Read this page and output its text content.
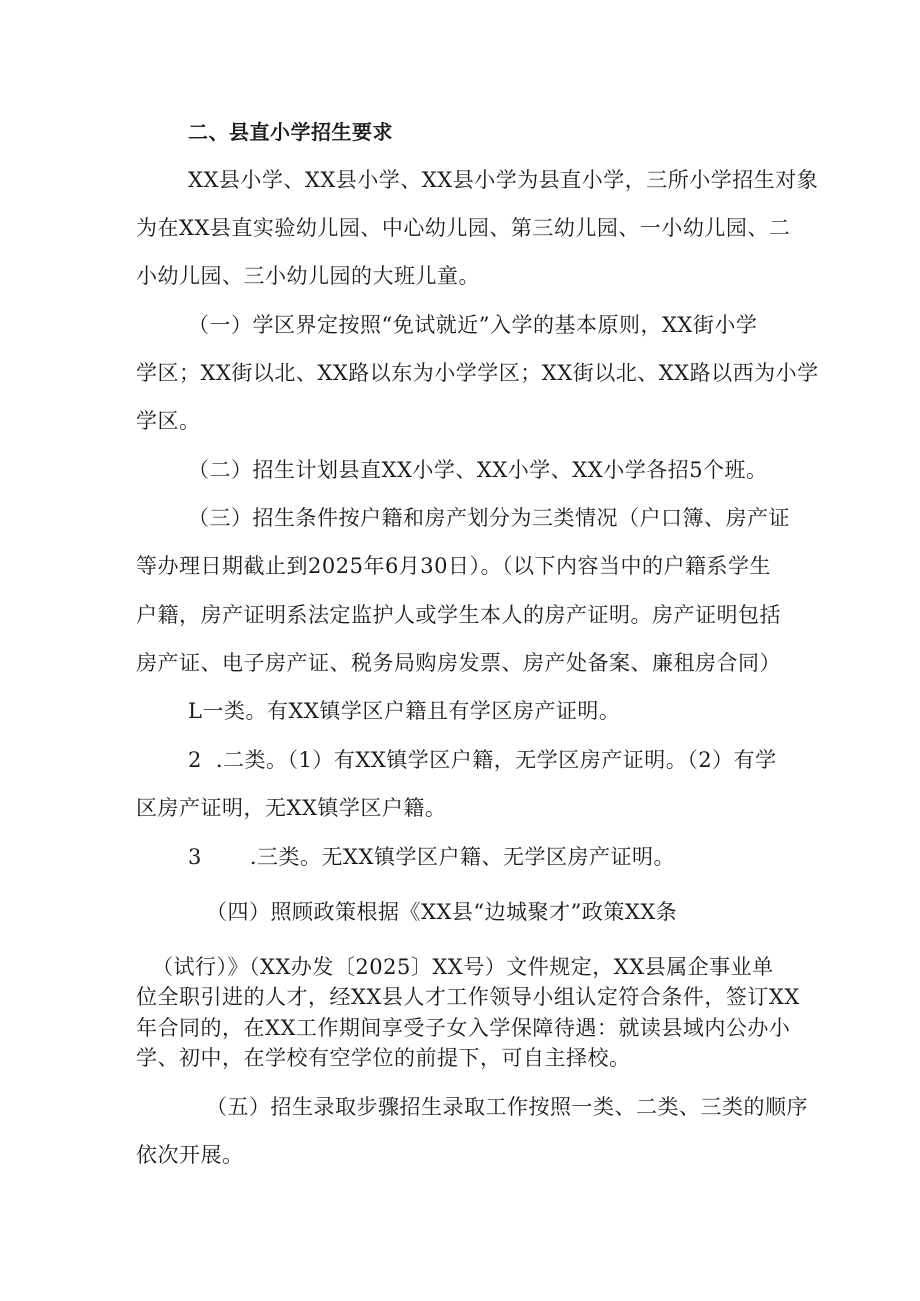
二、县直小学招生要求
XX县小学、XX县小学、XX县小学为县直小学，三所小学招生对象
为在XX县直实验幼儿园、中心幼儿园、第三幼儿园、一小幼儿园、二
小幼儿园、三小幼儿园的大班儿童。
（一）学区界定按照“免试就近”入学的基本原则，XX街小学
学区；XX街以北、XX路以东为小学学区；XX街以北、XX路以西为小学
学区。
（二）招生计划县直XX小学、XX小学、XX小学各招5个班。
（三）招生条件按户籍和房产划分为三类情况（户口簿、房产证
等办理日期截止到2025年6月30日）。（以下内容当中的户籍系学生
户籍，房产证明系法定监护人或学生本人的房产证明。房产证明包括
房产证、电子房产证、税务局购房发票、房产处备案、廉租房合同）
L一类。有XX镇学区户籍且有学区房产证明。
2 .二类。（1）有XX镇学区户籍，无学区房产证明。（2）有学
区房产证明，无XX镇学区户籍。
3 .三类。无XX镇学区户籍、无学区房产证明。
（四）照顾政策根据《XX县“边城聚才”政策XX条
（试行）》（XX办发〔2025〕XX号）文件规定，XX县属企事业单
位全职引进的人才，经XX县人才工作领导小组认定符合条件，签订XX
年合同的，在XX工作期间享受子女入学保障待遇：就读县域内公办小
学、初中，在学校有空学位的前提下，可自主择校。
（五）招生录取步骤招生录取工作按照一类、二类、三类的顺序
依次开展。
